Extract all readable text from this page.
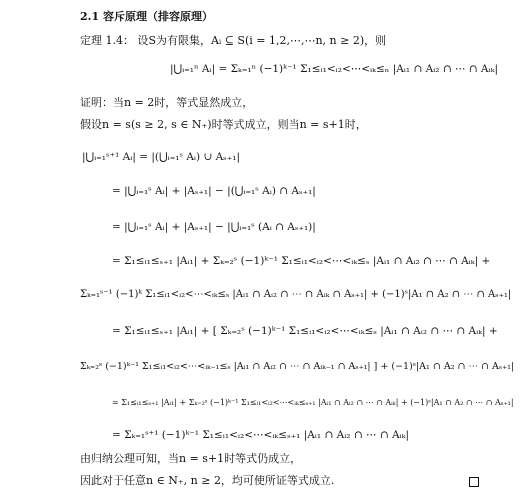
2.1 容斥原理（排容原理）
定理 1.4： 设S为有限集，Aᵢ ⊆ S(i = 1,2,⋯,⋯n, n ≥ 2)，则
|⋃ᵢ₌₁ⁿ Aᵢ| = Σₖ₌₁ⁿ (−1)ᵏ⁻¹ Σ₁≤ᵢ₁<ᵢ₂<⋯<ᵢₖ≤ₙ |Aᵢ₁ ∩ Aᵢ₂ ∩ ⋯ ∩ Aᵢₖ|
证明：当n = 2时，等式显然成立，
假设n = s(s ≥ 2, s ∈ N₊)时等式成立，则当n = s+1时，
|⋃ᵢ₌₁ˢ⁺¹ Aᵢ| = |(⋃ᵢ₌₁ˢ Aᵢ) ∪ Aₛ₊₁|
= |⋃ᵢ₌₁ˢ Aᵢ| + |Aₛ₊₁| − |(⋃ᵢ₌₁ˢ Aᵢ) ∩ Aₛ₊₁|
= |⋃ᵢ₌₁ˢ Aᵢ| + |Aₛ₊₁| − |⋃ᵢ₌₁ˢ (Aᵢ ∩ Aₛ₊₁)|
= Σ₁≤ᵢ₁≤ₛ₊₁ |Aᵢ₁| + Σₖ₌₂ˢ (−1)ᵏ⁻¹ Σ₁≤ᵢ₁<ᵢ₂<⋯<ᵢₖ≤ₛ |Aᵢ₁ ∩ Aᵢ₂ ∩ ⋯ ∩ Aᵢₖ| +
Σₖ₌₁ˢ⁻¹ (−1)ᵏ Σ₁≤ᵢ₁<ᵢ₂<⋯<ᵢₖ≤ₛ |Aᵢ₁ ∩ Aᵢ₂ ∩ ⋯ ∩ Aᵢₖ ∩ Aₛ₊₁| + (−1)ˢ|A₁ ∩ A₂ ∩ ⋯ ∩ Aₛ₊₁|
= Σ₁≤ᵢ₁≤ₛ₊₁ |Aᵢ₁| + [ Σₖ₌₂ˢ (−1)ᵏ⁻¹ Σ₁≤ᵢ₁<ᵢ₂<⋯<ᵢₖ≤ₛ |Aᵢ₁ ∩ Aᵢ₂ ∩ ⋯ ∩ Aᵢₖ| +
Σₖ₌₂ˢ (−1)ᵏ⁻¹ Σ₁≤ᵢ₁<ᵢ₂<⋯<ᵢₖ₋₁≤ₛ |Aᵢ₁ ∩ Aᵢ₂ ∩ ⋯ ∩ Aᵢₖ₋₁ ∩ Aₛ₊₁| ] + (−1)ˢ|A₁ ∩ A₂ ∩ ⋯ ∩ Aₛ₊₁|
= Σ₁≤ᵢ₁≤ₛ₊₁ |Aᵢ₁| + Σₖ₌₂ˢ (−1)ᵏ⁻¹ Σ₁≤ᵢ₁<ᵢ₂<⋯<ᵢₖ≤ₛ₊₁ |Aᵢ₁ ∩ Aᵢ₂ ∩ ⋯ ∩ Aᵢₖ| + (−1)ˢ|A₁ ∩ A₂ ∩ ⋯ ∩ Aₛ₊₁|
= Σₖ₌₁ˢ⁺¹ (−1)ᵏ⁻¹ Σ₁≤ᵢ₁<ᵢ₂<⋯<ᵢₖ≤ₛ₊₁ |Aᵢ₁ ∩ Aᵢ₂ ∩ ⋯ ∩ Aᵢₖ|
由归纳公理可知，当n = s+1时等式仍成立，
因此对于任意n ∈ N₊, n ≥ 2，均可使所证等式成立.
